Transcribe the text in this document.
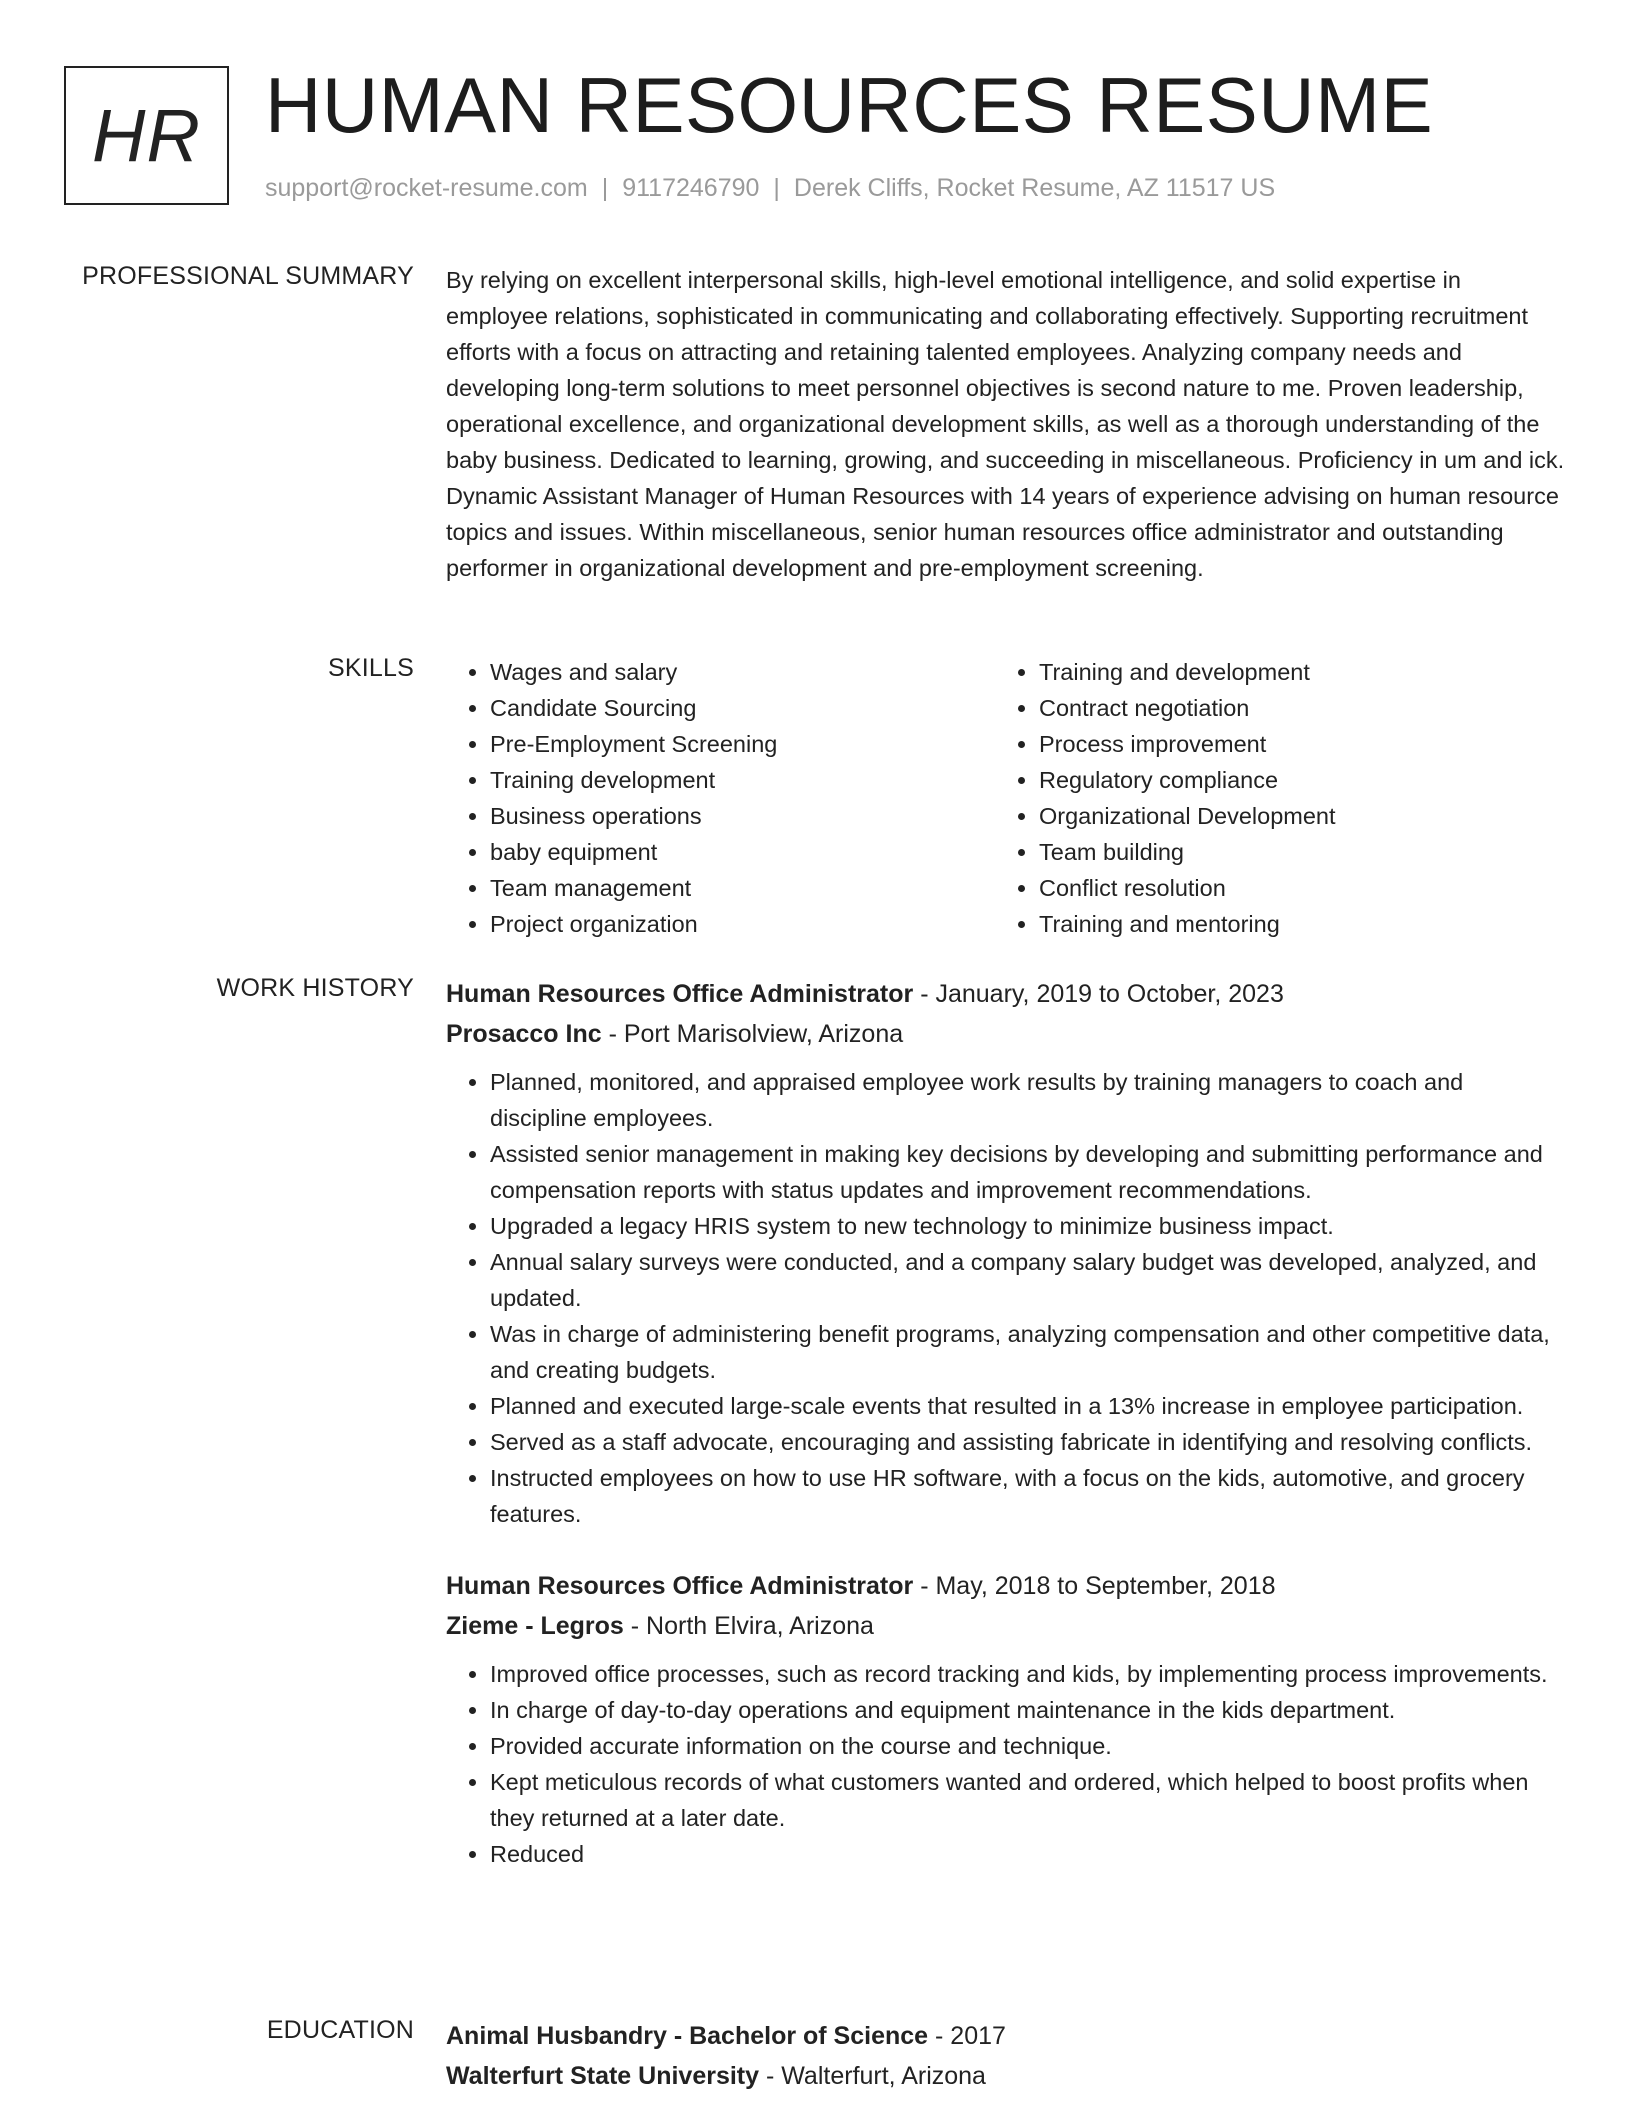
HR HUMAN RESOURCES RESUME
support@rocket-resume.com | 9117246790 | Derek Cliffs, Rocket Resume, AZ 11517 US
PROFESSIONAL SUMMARY By relying on excellent interpersonal skills, high-level emotional intelligence, and solid expertise in employee relations, sophisticated in communicating and collaborating effectively. Supporting recruitment efforts with a focus on attracting and retaining talented employees. Analyzing company needs and developing long-term solutions to meet personnel objectives is second nature to me. Proven leadership, operational excellence, and organizational development skills, as well as a thorough understanding of the baby business. Dedicated to learning, growing, and succeeding in miscellaneous. Proficiency in um and ick. Dynamic Assistant Manager of Human Resources with 14 years of experience advising on human resource topics and issues. Within miscellaneous, senior human resources office administrator and outstanding performer in organizational development and pre-employment screening.

SKILLS
•	Wages and salary
• Candidate Sourcing
• Pre-Employment Screening
• Training development
• Business operations
• baby equipment
• Team management
• Project organization
• Training and development
• Contract negotiation
• Process improvement
• Regulatory compliance
• Organizational Development
• Team building
• Conflict resolution
• Training and mentoring
WORK HISTORY Human Resources Office Administrator - January, 2019 to October, 2023
Prosacco Inc - Port Marisolview, Arizona
• Planned, monitored, and appraised employee work results by training managers to coach and discipline employees.
• Assisted senior management in making key decisions by developing and submitting performance and compensation reports with status updates and improvement recommendations.
• Upgraded a legacy HRIS system to new technology to minimize business impact.
• Annual salary surveys were conducted, and a company salary budget was developed, analyzed, and updated.
• Was in charge of administering benefit programs, analyzing compensation and other competitive data, and creating budgets.
• Planned and executed large-scale events that resulted in a 13% increase in employee participation.
• Served as a staff advocate, encouraging and assisting fabricate in identifying and resolving conflicts.
• Instructed employees on how to use HR software, with a focus on the kids, automotive, and grocery features.
Human Resources Office Administrator - May, 2018 to September, 2018
Zieme - Legros - North Elvira, Arizona
• Improved office processes, such as record tracking and kids, by implementing process improvements.
• In charge of day-to-day operations and equipment maintenance in the kids department.
• Provided accurate information on the course and technique.
• Kept meticulous records of what customers wanted and ordered, which helped to boost profits when they returned at a later date.
• Reduced
EDUCATION Animal Husbandry - Bachelor of Science - 2017
Walterfurt State University - Walterfurt, Arizona
